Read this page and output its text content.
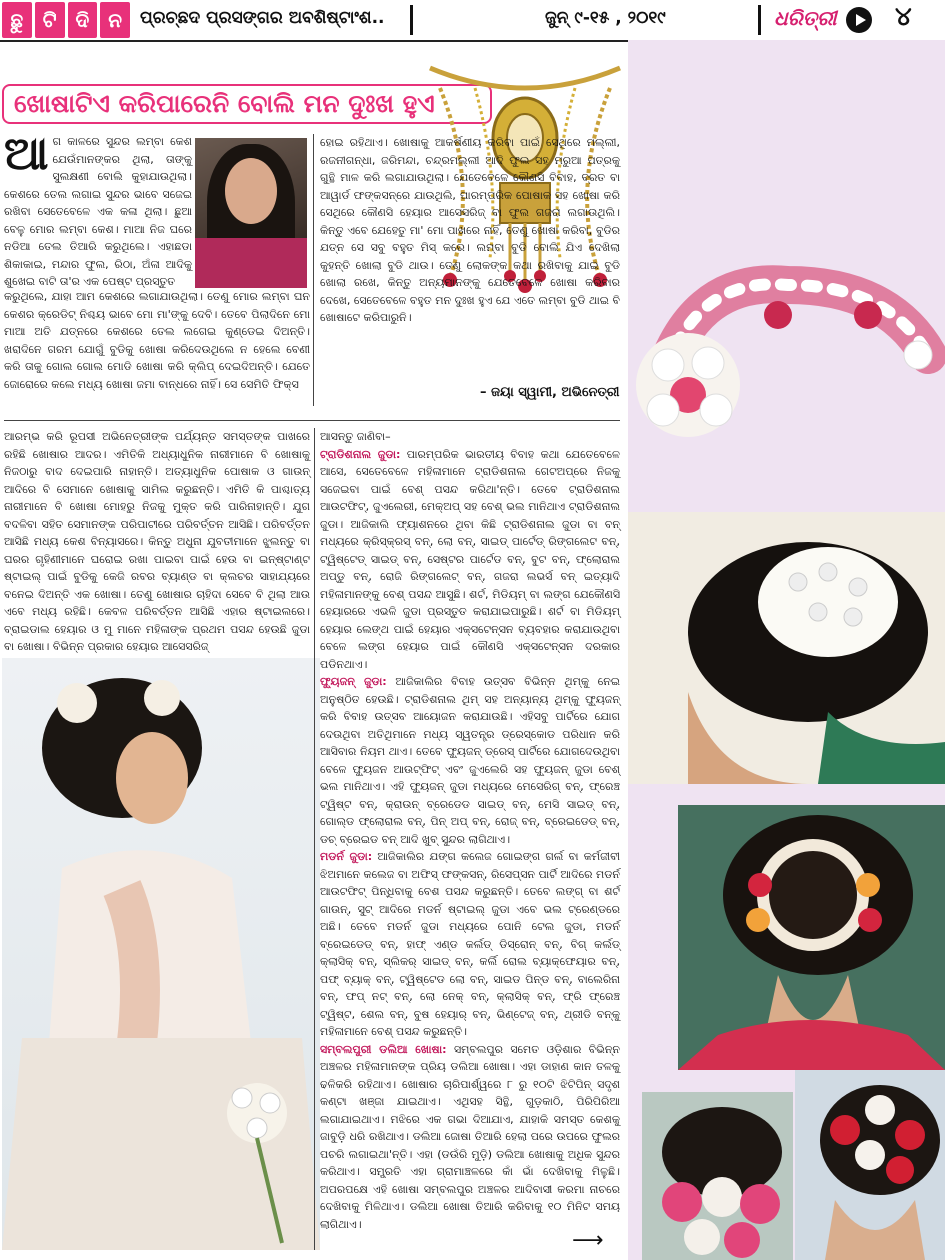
ଛୁ ଟି ଦି ନ	ପ୍ରଚ୍ଛଦ ପ୍ରସଙ୍ଗର ଅବଶିଷ୍ଟାଂଶ..	ଜୁନ୍ ୯-୧୫ , ୨୦୧୯	ଧରିତ୍ରୀ ୪
ଖୋଷାଟିଏ କରିପାରେନି ବୋଲି ମନ ଦୁଃଖ ହୁଏ
ଆ ଗ କାଳରେ ସୁନ୍ଦର ଲମ୍ବା କେଶ ଯେଉଁମାନଙ୍କର ଥିଲା, ତାଙ୍କୁ ସୁଲକ୍ଷଣୀ ବୋଲି କୁହାଯାଉଥିଲା। କେଶରେ ତେଲ ଲଗାଇ ସୁନ୍ଦର ଭାବେ ସଜେଇ ରଖିବା ସେତେବେଳେ ଏକ କଳା ଥିଲା। ଛୁଆ ବେଳୁ ମୋର ଲମ୍ବା କେଶ। ମାଆ ନିଜ ଘରେ ନଡିଆ ତେଲ ତିଆରି କରୁଥିଲେ। ଏହାଛଡା ଶିକାକାଇ, ମନ୍ଦାର ଫୁଲ, ରିଠା, ଅଁଳା ଆଦିକୁ ଶୁଖେଇ ବାଟି ତା'ର ଏକ ପେଷ୍ଟ ପ୍ରସ୍ତୁତ
କରୁଥିଲେ, ଯାହା ଆମ କେଶରେ ଲଗାଯାଉଥିଲା। ତେଣୁ ମୋର ଲମ୍ବା ଘନ କେଶର କ୍ରେଡିଟ୍ ନିଶ୍ଚୟ ଭାବେ ମୋ ମା'ଙ୍କୁ ଦେବି। ତେବେ ପିଲାଦିନେ ମୋ ମାଆ ଅତି ଯତ୍ନରେ କେଶରେ ତେଲ ଲଗେଇ କୁଣ୍ଡେଇ ଦିଅନ୍ତି। ଖରାଦିନେ ଗରମ ଯୋଗୁଁ ବୁଡିକୁ ଖୋଷା କରିଦେଉଥିଲେ ନ ହେଲେ ବେଣୀ କରି ତାକୁ ଗୋଲ ଗୋଲ ମୋଡି ଖୋଷା କରି କ୍ଲିପ୍ ଦେଇଦିଅନ୍ତି। ଯେତେ ଜୋରୋରେ କଲେ ମଧ୍ୟ ଖୋଷା ଜମା ବାନ୍ଧରେ ନାହିଁ। ସେ ସେମିତି ଫିକ୍ସ
ହୋଇ ରହିଥାଏ। ଖୋଷାକୁ ଆକର୍ଷଣୀୟ କରିବା ପାଇଁ ସେଥିରେ ମଲ୍ଲୀ, ରଜନୀଗନ୍ଧା, ଜରିମନ୍ଦା, ଚନ୍ଦ୍ରମଲ୍ଲୀ ଆଦି ଫୁଲ ସହ ମରୁଆ ପତ୍ରକୁ ଗୁନ୍ଥି ମାଳ କରି ଲଗାଯାଉଥିଲା। ଯେତେବେଳେ କୌଣସି ବିବାହ, ବ୍ରତ ବା ଆୱାର୍ଡ ଫଙ୍କସନ୍‌ରେ ଯାଉଥିଲି, ପାରମ୍ପରିକ ପୋଷାକ ସହ ଖୋଷା କରି ସେଥିରେ କୌଣସି ହେୟାର ଆସେସରିଜ୍ ବା ଫୁଲ ଗଜରା ଲଗାଉଥିଲି। କିନ୍ତୁ ଏବେ ଯେହେତୁ ମା' ମୋ ପାଖରେ ନାହିଁ, ତେଣୁ ଖୋଷା କରିବା, ବୁଡିର ଯତ୍ନ ସେ ସବୁ ବହୁତ ମିସ୍ କରେ। ଲମ୍ବା ବୁଡି ବୋଲି ଯିଏ ଦେଖିଲା କୁହନ୍ତି ଖୋଲା ବୁଡି ଥାଉ। ତେଣୁ ଲୋକଙ୍କ କଥା ରଖିବାକୁ ଯାଇ ବୁଡି ଖୋଲା ରଖେ, କିନ୍ତୁ ଅନ୍ୟମାନଙ୍କୁ ଯେତେବେଳେ ଖୋଷା କରିବାର ଦେଖେ, ସେତେବେଳେ ବହୁତ ମନ ଦୁଃଖ ହୁଏ ଯେ ଏତେ ଲମ୍ବା ବୁଡି ଥାଇ ବି ଖୋଷାଟେ କରିପାରୁନି।
– ଜୟା ସ୍ୱାମୀ, ଅଭିନେତ୍ରୀ
ଆରମ୍ଭ କରି ରୂପସୀ ଅଭିନେତ୍ରୀଙ୍କ ପର୍ଯ୍ୟନ୍ତ ସମସ୍ତଙ୍କ ପାଖରେ ରହିଛି ଖୋଷାର ଆଦର। ଏମିତିକି ଅଧ୍ୟାଧୁନିକ ନାରୀମାନେ ବି ଖୋଷାକୁ ନିଜଠାରୁ ବାଦ ଦେଇପାରି ନାହାନ୍ତି। ଅତ୍ୟାଧୁନିକ ପୋଷାକ ଓ ଗାଉନ୍ ଆଦିରେ ବି ସେମାନେ ଖୋଷାକୁ ସାମିଲ କରୁଛନ୍ତି। ଏମିତି କି ପାଶ୍ଚାତ୍ୟ ନାରୀମାନେ ବି ଖୋଷା ମୋହରୁ ନିଜକୁ ମୁକ୍ତ କରି ପାରିନାହାନ୍ତି। ଯୁଗ ବଦଳିବା ସହିତ ସେମାନଙ୍କ ପରିପାଟୀରେ ପରିବର୍ତ୍ତନ ଆସିଛି। ପରିବର୍ତ୍ତନ ଆସିଛି ମଧ୍ୟ କେଶ ବିନ୍ୟାସରେ। କିନ୍ତୁ ଅଧୁନା ଯୁବତୀମାନେ ଝୁଲନ୍ତୁ ବା ଘରର ଗୃହିଣୀମାନେ ଘରୋଇ ରଖା ପାଇବା ପାଇଁ ହେଉ ବା ଇନ୍‌ଷ୍ଟାଣ୍ଟ ଷ୍ଟାଇଲ୍ ପାଇଁ ବୁଡିକୁ କେଜି ରବର ବ୍ୟାଣ୍ଡ ବା କ୍ଲଚର ସାହାଯ୍ୟରେ ବନେଇ ଦିଅନ୍ତି ଏକ ଖୋଷା। ତେଣୁ ଖୋଷାର ଚାହିଦା ସେବେ ବି ଥିଲା ଆଉ ଏବେ ମଧ୍ୟ ରହିଛି। କେବଳ ପରିବର୍ତ୍ତନ ଆସିଛି ଏହାର ଷ୍ଟାଇଲରେ। ବ୍ରାଇଡାଲ ହେୟାର ଓ ମୁ ମାନେ ମହିଳାଙ୍କ ପ୍ରଥମ ପସନ୍ଦ ହେଉଛି ଜୁଡା ବା ଖୋଷା। ବିଭିନ୍ନ ପ୍ରକାର ହେୟାର ଆସେସରିଜ୍

ଆସନ୍ତୁ ଜାଣିବା–

ଟ୍ରାଡିଶନାଲ ଜୁଡା: ପାରମ୍ପରିକ ଭାରତୀୟ ବିବାହ କଥା ଯେତେବେଳେ ଆସେ, ସେତେବେଳେ ମହିଳାମାନେ ଟ୍ରାଡିଶନାଲ ଗେଟଅପ୍‌ରେ ନିଜକୁ ସଜେଇବା ପାଇଁ ବେଶ୍ ପସନ୍ଦ କରିଥା'ନ୍ତି। ତେବେ ଟ୍ରାଡିଶନାଲ ଆଉଟଫିଟ୍, ଜୁଏଲେରୀ, ମେକ୍‌ଅପ୍ ସହ ବେଶ୍ ଭଲ ମାନିଥାଏ ଟ୍ରାଡିଶନାଲ ଜୁଡା। ଆଜିକାଲି ଫ୍ୟାଶନରେ ଥିବା କିଛି ଟ୍ରାଡିଶନାଲ ଜୁଡା ବା ବନ୍ ମଧ୍ୟରେ କ୍ରିସ୍‌କ୍ରସ୍ ବନ୍, ଲୋ ବନ୍, ସାଇଡ୍ ପାର୍ଟେଡ୍ ରିଙ୍ଗଲେଟ ବନ୍, ଟ୍ୱିଷ୍ଟେଡ୍ ସାଇଡ୍ ବନ୍, ସେଷ୍ଟର ପାର୍ଟେଡ ବନ୍, ବୁଟ ବନ୍, ଫ୍ଲୋରାଲ ଅପ୍‌ଡୁ ବନ୍, ରୋଜି ରିଙ୍ଗଲେଟ୍ ବନ୍, ଗଜରା ଲଭର୍ସ ବନ୍ ଇତ୍ୟାଦି ମହିଳାମାନଙ୍କୁ ବେଶ୍ ପସନ୍ଦ ଆସୁଛି। ଶର୍ଟ, ମିଡିୟମ୍ ବା ଲଙ୍ଗ ଯେକୌଣସି ହେୟାରରେ ଏଭଳି ଜୁଡା ପ୍ରସ୍ତୁତ କରାଯାଇପାରୁଛି। ଶର୍ଟ ବା ମିଡିୟମ୍ ହେୟାର ଲେଙ୍ଥ ପାଇଁ ହେୟାର ଏକ୍ସଟେନ୍‌ସନ ବ୍ୟବହାର କରାଯାଉଥିବା ବେଳେ ଲଙ୍ଗ ହେୟାର ପାଇଁ କୌଣସି ଏକ୍ସଟେନ୍‌ସନ ଦରକାର ପଡିନଥାଏ।

ଫ୍ୟୁଜନ୍ ଜୁଡା: ଆଜିକାଲିର ବିବାହ ଉତ୍ସବ ବିଭିନ୍ନ ଥିମ୍‌କୁ ନେଇ ଅନୁଷ୍ଠିତ ହେଉଛି। ଟ୍ରାଡିଶନାଲ ଥିମ୍ ସହ ଅନ୍ୟାନ୍ୟ ଥିମ୍‌କୁ ଫ୍ୟୁଜନ୍ କରି ବିବାହ ଉତ୍ସବ ଆୟୋଜନ କରାଯାଉଛି। ଏହିସବୁ ପାର୍ଟିରେ ଯୋଗ ଦେଉଥିବା ଅତିଥିମାନେ ମଧ୍ୟ ସ୍ୱତନ୍ତ୍ର ଡ୍ରେସ୍‌କୋଡ ପରିଧାନ କରି ଆସିବାର ନିୟମ ଥାଏ। ତେବେ ଫ୍ୟୁଜନ୍ ଡ୍ରେସ୍ ପାର୍ଟିରେ ଯୋଗଦେଉଥିବା ବେଳେ ଫ୍ୟୁଜନ ଆଉଟ୍‌ଫିଟ୍ ଏବଂ ଜୁଏଲେରି ସହ ଫ୍ୟୁଜନ୍ ଜୁଡା ବେଶ୍ ଭଲ ମାନିଥାଏ। ଏହି ଫ୍ୟୁଜନ୍ ଜୁଡା ମଧ୍ୟରେ ମେସେରିଗ୍ ବନ୍, ଫ୍ରେଞ୍ଚ ଟ୍ୱିଷ୍ଟ ବନ୍, କ୍ରାଉନ୍ ବ୍ରେଡେଡ ସାଇଡ୍ ବନ୍, ମେସି ସାଇଡ୍ ବନ୍, ଗୋଲ୍ଡ ଫ୍ଲୋରାଲ ବନ୍, ପିନ୍ ଅପ୍ ବନ୍, ରୋଜ୍ ବନ୍, ବ୍ରେଇଡେଡ୍ ବନ୍, ଡଚ୍ ବ୍ରେଇଡ ବନ୍ ଆଦି ଖୁବ୍ ସୁନ୍ଦର ଲାଗିଥାଏ।

ମଡର୍ନ ଜୁଡା: ଆଜିକାଲିର ଯଙ୍ଗ କଲେଜ ଗୋଇଙ୍ଗ ଗର୍ଲ ବା କର୍ମଜୀବୀ ଝିଅମାନେ କଲେଜ ବା ଅଫିସ୍ ଫଙ୍କସନ୍, ରିସେପ୍‌ସନ ପାର୍ଟି ଆଦିରେ ମଡର୍ନ ଆଉଟଫିଟ୍ ପିନ୍ଧିବାକୁ ବେଶ ପସନ୍ଦ କରୁଛନ୍ତି। ତେବେ ଲଙ୍ଗ୍ ବା ଶର୍ଟ ଗାଉନ୍, ସୁଟ୍ ଆଦିରେ ମଡର୍ନ ଷ୍ଟାଇଲ୍ ଜୁଡା ଏବେ ଭଲ ଟ୍ରେଣ୍ଡରେ ଅଛି। ତେବେ ମଡର୍ନ ଜୁଡା ମଧ୍ୟରେ ପୋନି ଟେଲ ଜୁଡା, ମଡର୍ନ ବ୍ରେଇଡେଡ୍ ବନ୍, ହାଫ୍ ଏଣ୍ଡ କର୍ଲଡ୍ ଡିସ୍ରୋନ୍ ବନ୍, ବିଗ୍ କର୍ଲଡ୍ କ୍ଲାସିକ୍ ବନ୍, ସ୍ଲିକର୍ ସାଇଡ୍ ବନ୍, କର୍ଲି ରୋଲ ବ୍ୟାକ୍‌ଫେୟାର ବନ୍, ପଫ୍ ବ୍ୟାକ୍ ବନ୍, ଟ୍ୱିଷ୍ଟେଡ ଲୋ ବନ୍, ସାଇଡ ପିନ୍ଡ ବନ୍, ବାଲେରିନା ବନ୍, ଫପ୍ ନଟ୍ ବନ୍, ଲୋ ନେକ୍ ବନ୍, କ୍ଲାସିକ୍ ବନ୍, ଫ୍ରି ଫ୍ରେଞ୍ଚ ଟ୍ୱିଷ୍ଟ, ଶେଲ ବନ୍, ବୁଷ ହେୟାର୍ ବନ୍, ଭିଣ୍ଟେଜ୍ ବନ୍, ଥ୍ରୀଡି ବନ୍‌କୁ ମହିଳାମାନେ ବେଶ୍ ପସନ୍ଦ କରୁଛନ୍ତି।

ସମ୍ବଲପୁରୀ ଡଲିଆ ଖୋଷା: ସମ୍ବଲପୁର ସମେତ ଓଡ଼ିଶାର ବିଭିନ୍ନ ଅଞ୍ଚଳର ମହିଳାମାନଙ୍କ ପ୍ରିୟ ଡଲିଆ ଖୋଷା। ଏହା ଡାହାଣ କାନ ତଳକୁ ଢଳିକରି ରହିଥାଏ। ଖୋଷାର ଚାରିପାର୍ଶ୍ୱରେ ୮ ରୁ ୧୦ଟି ଝିଟିପିନ୍ ସଦୃଶ କଣ୍ଟା ଖଞ୍ଜା ଯାଇଥାଏ। ଏଥିସହ ସିନ୍ଥି, ଗୁଡ଼କାଠି, ପିରିପିରିଆ ଲଗାଯାଇଥାଏ। ମଝିରେ ଏକ ଗଭା ଦିଆଯାଏ, ଯାହାକି ସମସ୍ତ କେଶକୁ ଜାବୁଡ଼ି ଧରି ରଖିଥାଏ। ଡଲିଆ ଜୋଷା ତିଆରି ହେଲା ପରେ ଉପରେ ଫୁଲର ପଚରି ଲଗାଇଥା'ନ୍ତି। ଏହା (ଡଉଁରି ମୁଡ଼ି) ଡଲିଆ ଖୋଷାକୁ ଅଧିକ ସୁନ୍ଦର କରିଥାଏ। ସମ୍ପ୍ରତି ଏହା ଗ୍ରାମାଞ୍ଚଳରେ କାଁ ଭାଁ ଦେଖିବାକୁ ମିଳୁଛି। ଅପରପକ୍ଷେ ଏହି ଖୋଷା ସମ୍ବଲପୁର ଅଞ୍ଚଳର ଆଦିବାସୀ କରମା ନାଚରେ ଦେଖିବାକୁ ମିଳିଥାଏ। ଡଲିଆ ଖୋଷା ତିଆରି କରିବାକୁ ୧୦ ମିନିଟ ସମୟ ଲାଗିଥାଏ।

⟶
